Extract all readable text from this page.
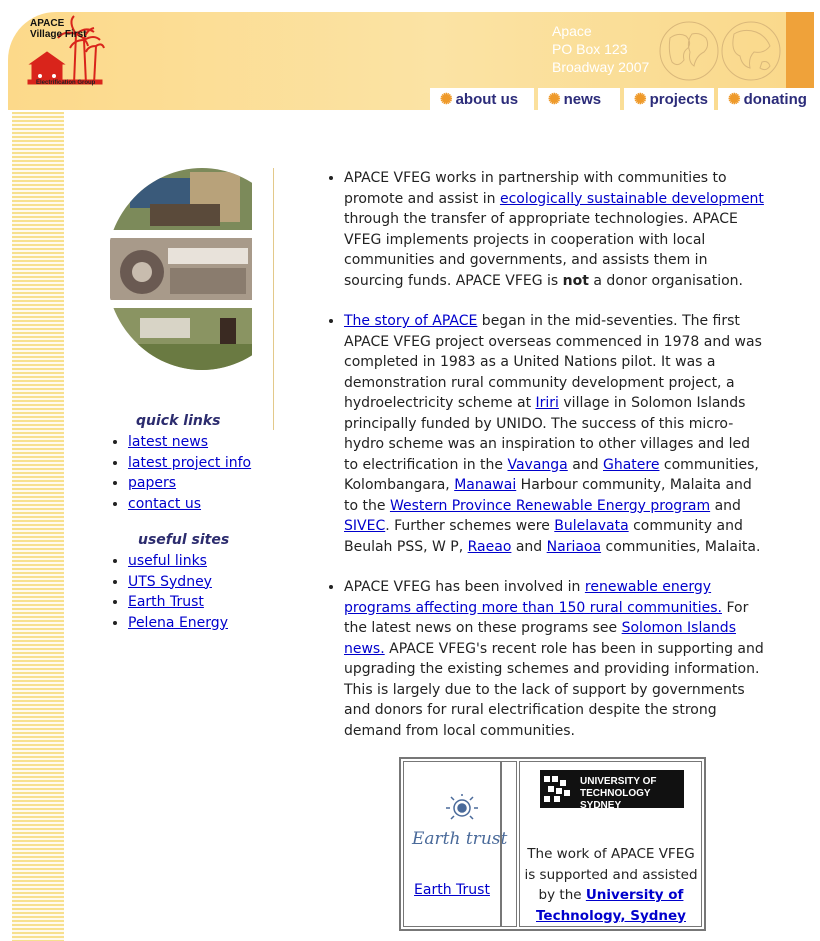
APACE
Village First
Electrification Group
Apace
PO Box 123
Broadway 2007
✺ about us	✺ news	✺ projects	✺ donating
quick links
• latest news
• latest project info
• papers
• contact us
useful sites
• useful links
• UTS Sydney
• Earth Trust
• Pelena Energy
• APACE VFEG works in partnership with communities to promote and assist in ecologically sustainable development through the transfer of appropriate technologies. APACE VFEG implements projects in cooperation with local communities and governments, and assists them in sourcing funds. APACE VFEG is not a donor organisation.
• The story of APACE began in the mid-seventies. The first APACE VFEG project overseas commenced in 1978 and was completed in 1983 as a United Nations pilot. It was a demonstration rural community development project, a hydroelectricity scheme at Iriri village in Solomon Islands principally funded by UNIDO. The success of this micro-hydro scheme was an inspiration to other villages and led to electrification in the Vavanga and Ghatere communities, Kolombangara, Manawai Harbour community, Malaita and to the Western Province Renewable Energy program and SIVEC. Further schemes were Bulelavata community and Beulah PSS, W P, Raeao and Nariaoa communities, Malaita.
• APACE VFEG has been involved in renewable energy programs affecting more than 150 rural communities. For the latest news on these programs see Solomon Islands news. APACE VFEG's recent role has been in supporting and upgrading the existing schemes and providing information. This is largely due to the lack of support by governments and donors for rural electrification despite the strong demand from local communities.
Earth trust
Earth Trust
UNIVERSITY OF
TECHNOLOGY SYDNEY
The work of APACE VFEG is supported and assisted by the University of Technology, Sydney
